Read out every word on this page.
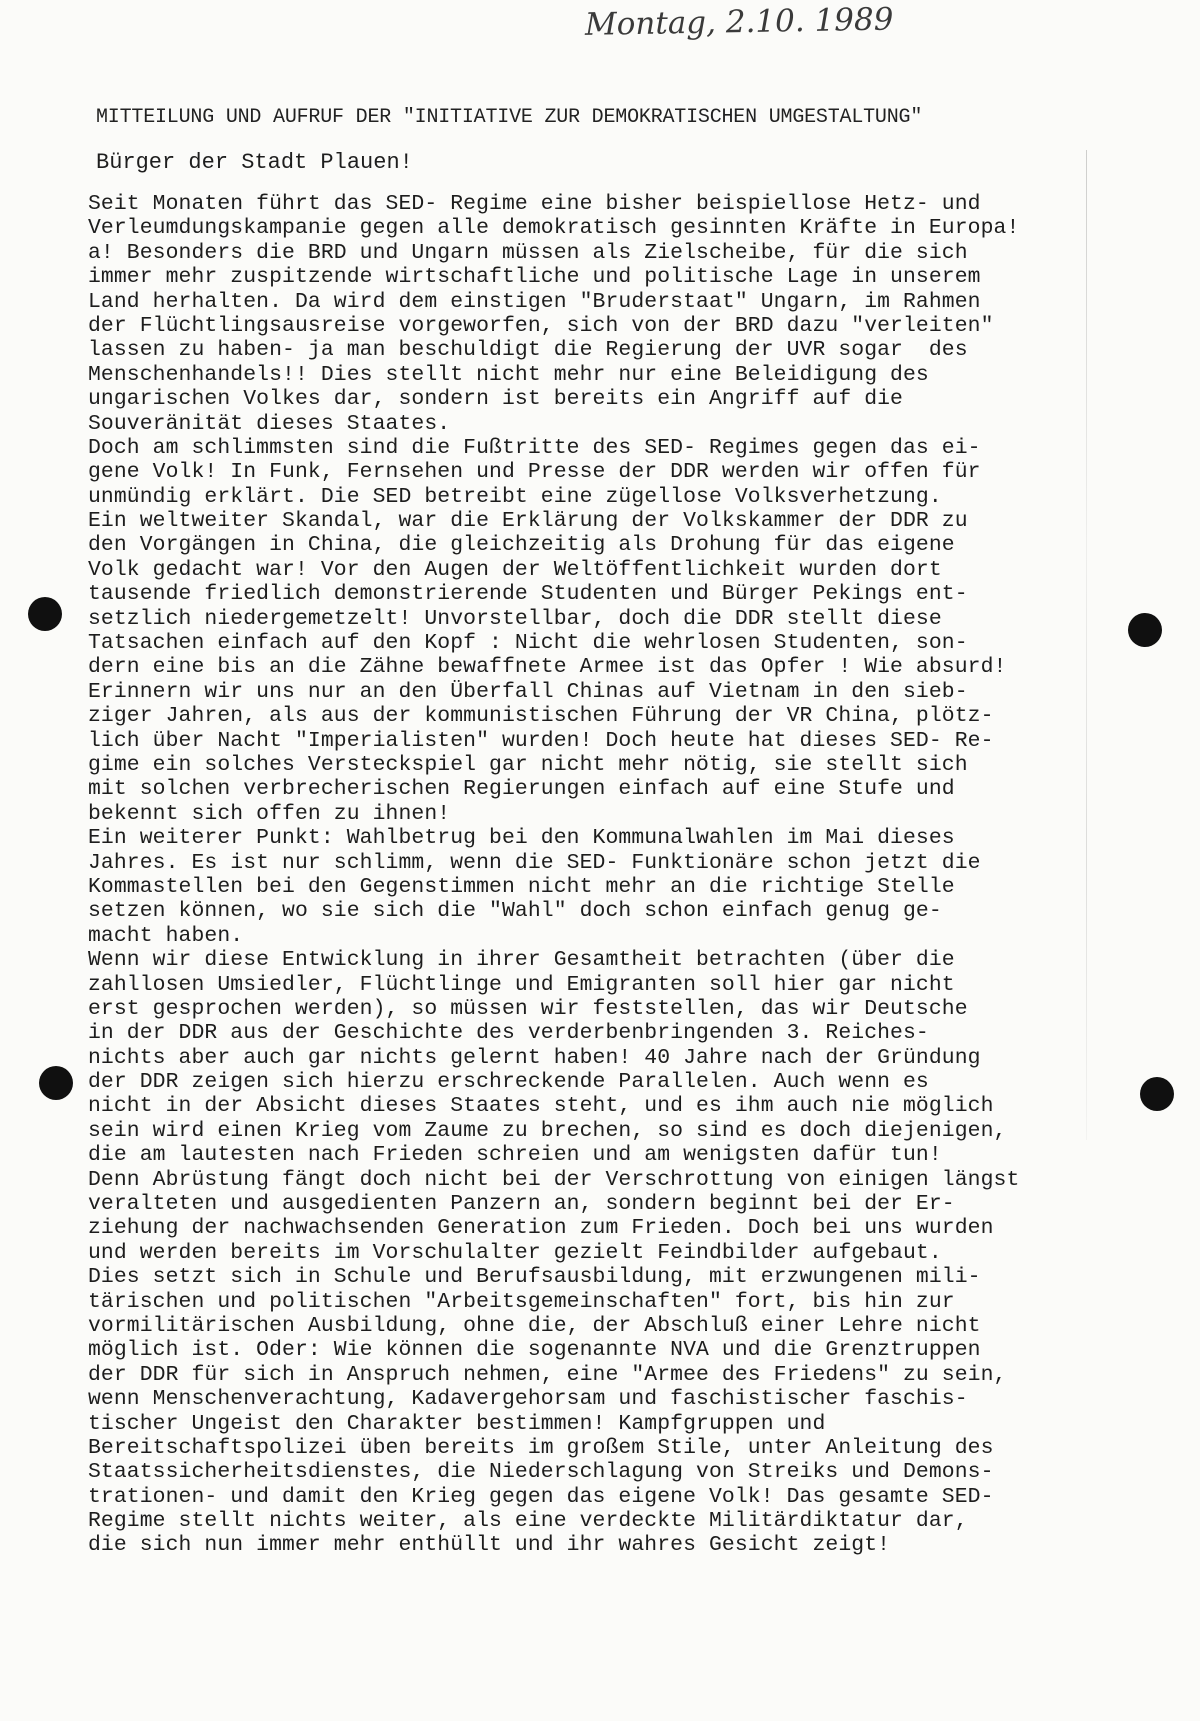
Montag, 2.10. 1989
MITTEILUNG UND AUFRUF DER "INITIATIVE ZUR DEMOKRATISCHEN UMGESTALTUNG"
Bürger der Stadt Plauen!
Seit Monaten führt das SED- Regime eine bisher beispiellose Hetz- und
Verleumdungskampanie gegen alle demokratisch gesinnten Kräfte in Europa!
a! Besonders die BRD und Ungarn müssen als Zielscheibe, für die sich
immer mehr zuspitzende wirtschaftliche und politische Lage in unserem
Land herhalten. Da wird dem einstigen "Bruderstaat" Ungarn, im Rahmen
der Flüchtlingsausreise vorgeworfen, sich von der BRD dazu "verleiten"
lassen zu haben- ja man beschuldigt die Regierung der UVR sogar  des
Menschenhandels!! Dies stellt nicht mehr nur eine Beleidigung des
ungarischen Volkes dar, sondern ist bereits ein Angriff auf die
Souveränität dieses Staates.
Doch am schlimmsten sind die Fußtritte des SED- Regimes gegen das ei-
gene Volk! In Funk, Fernsehen und Presse der DDR werden wir offen für
unmündig erklärt. Die SED betreibt eine zügellose Volksverhetzung.
Ein weltweiter Skandal, war die Erklärung der Volkskammer der DDR zu
den Vorgängen in China, die gleichzeitig als Drohung für das eigene
Volk gedacht war! Vor den Augen der Weltöffentlichkeit wurden dort
tausende friedlich demonstrierende Studenten und Bürger Pekings ent-
setzlich niedergemetzelt! Unvorstellbar, doch die DDR stellt diese
Tatsachen einfach auf den Kopf : Nicht die wehrlosen Studenten, son-
dern eine bis an die Zähne bewaffnete Armee ist das Opfer ! Wie absurd!
Erinnern wir uns nur an den Überfall Chinas auf Vietnam in den sieb-
ziger Jahren, als aus der kommunistischen Führung der VR China, plötz-
lich über Nacht "Imperialisten" wurden! Doch heute hat dieses SED- Re-
gime ein solches Versteckspiel gar nicht mehr nötig, sie stellt sich
mit solchen verbrecherischen Regierungen einfach auf eine Stufe und
bekennt sich offen zu ihnen!
Ein weiterer Punkt: Wahlbetrug bei den Kommunalwahlen im Mai dieses
Jahres. Es ist nur schlimm, wenn die SED- Funktionäre schon jetzt die
Kommastellen bei den Gegenstimmen nicht mehr an die richtige Stelle
setzen können, wo sie sich die "Wahl" doch schon einfach genug ge-
macht haben.
Wenn wir diese Entwicklung in ihrer Gesamtheit betrachten (über die
zahllosen Umsiedler, Flüchtlinge und Emigranten soll hier gar nicht
erst gesprochen werden), so müssen wir feststellen, das wir Deutsche
in der DDR aus der Geschichte des verderbenbringenden 3. Reiches-
nichts aber auch gar nichts gelernt haben! 40 Jahre nach der Gründung
der DDR zeigen sich hierzu erschreckende Parallelen. Auch wenn es
nicht in der Absicht dieses Staates steht, und es ihm auch nie möglich
sein wird einen Krieg vom Zaume zu brechen, so sind es doch diejenigen,
die am lautesten nach Frieden schreien und am wenigsten dafür tun!
Denn Abrüstung fängt doch nicht bei der Verschrottung von einigen längst
veralteten und ausgedienten Panzern an, sondern beginnt bei der Er-
ziehung der nachwachsenden Generation zum Frieden. Doch bei uns wurden
und werden bereits im Vorschulalter gezielt Feindbilder aufgebaut.
Dies setzt sich in Schule und Berufsausbildung, mit erzwungenen mili-
tärischen und politischen "Arbeitsgemeinschaften" fort, bis hin zur
vormilitärischen Ausbildung, ohne die, der Abschluß einer Lehre nicht
möglich ist. Oder: Wie können die sogenannte NVA und die Grenztruppen
der DDR für sich in Anspruch nehmen, eine "Armee des Friedens" zu sein,
wenn Menschenverachtung, Kadavergehorsam und faschistischer faschis-
tischer Ungeist den Charakter bestimmen! Kampfgruppen und
Bereitschaftspolizei üben bereits im großem Stile, unter Anleitung des
Staatssicherheitsdienstes, die Niederschlagung von Streiks und Demons-
trationen- und damit den Krieg gegen das eigene Volk! Das gesamte SED-
Regime stellt nichts weiter, als eine verdeckte Militärdiktatur dar,
die sich nun immer mehr enthüllt und ihr wahres Gesicht zeigt!
